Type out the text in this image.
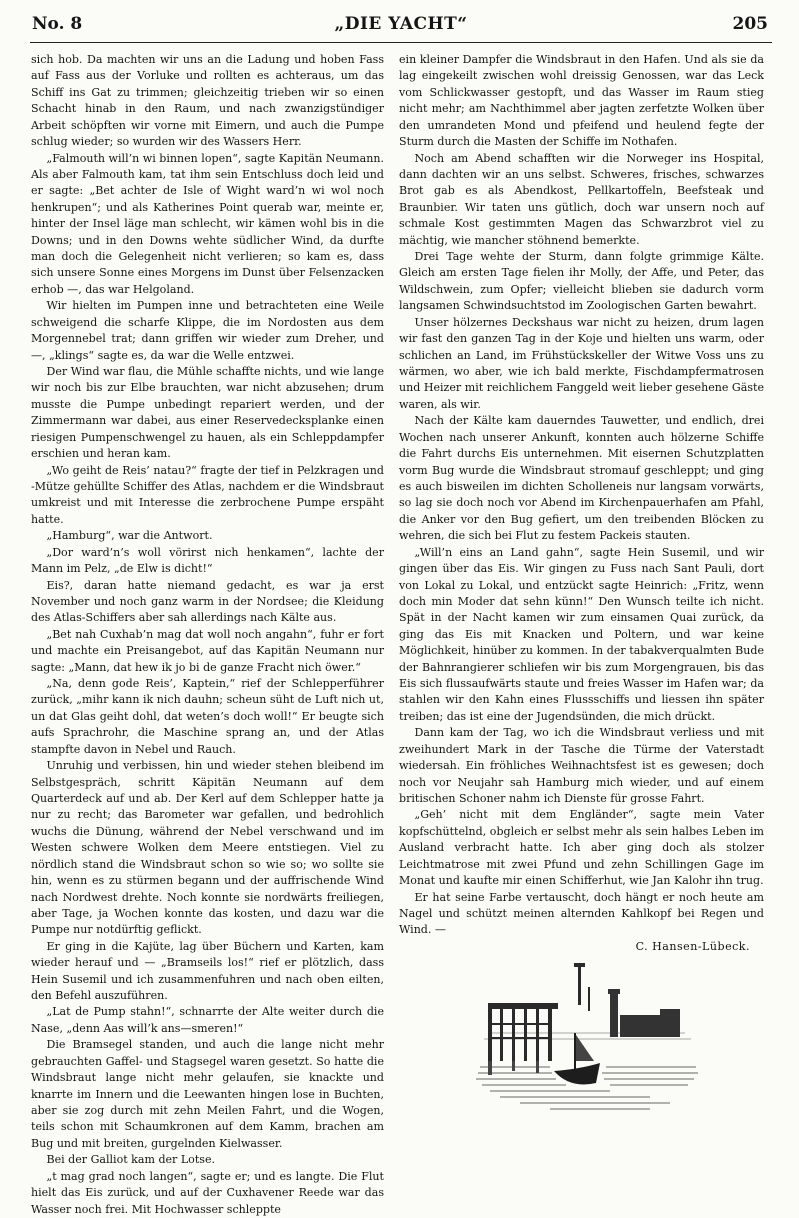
No. 8	„DIE YACHT“	205

sich hob. Da machten wir uns an die Ladung und hoben Fass auf Fass aus der Vorluke und rollten es achteraus, um das Schiff ins Gat zu trimmen; gleichzeitig trieben wir so einen Schacht hinab in den Raum, und nach zwanzigstündiger Arbeit schöpften wir vorne mit Eimern, und auch die Pumpe schlug wieder; so wurden wir des Wassers Herr.

„Falmouth will’n wi binnen lopen“, sagte Kapitän Neumann. Als aber Falmouth kam, tat ihm sein Entschluss doch leid und er sagte: „Bet achter de Isle of Wight ward’n wi wol noch henkrupen“; und als Katherines Point querab war, meinte er, hinter der Insel läge man schlecht, wir kämen wohl bis in die Downs; und in den Downs wehte südlicher Wind, da durfte man doch die Gelegenheit nicht verlieren; so kam es, dass sich unsere Sonne eines Morgens im Dunst über Felsenzacken erhob —, das war Helgoland.

Wir hielten im Pumpen inne und betrachteten eine Weile schweigend die scharfe Klippe, die im Nordosten aus dem Morgennebel trat; dann griffen wir wieder zum Dreher, und —, „klings“ sagte es, da war die Welle entzwei.

Der Wind war flau, die Mühle schaffte nichts, und wie lange wir noch bis zur Elbe brauchten, war nicht abzusehen; drum musste die Pumpe unbedingt repariert werden, und der Zimmermann war dabei, aus einer Reservedecksplanke einen riesigen Pumpenschwengel zu hauen, als ein Schleppdampfer erschien und heran kam.

„Wo geiht de Reis’ natau?“ fragte der tief in Pelzkragen und -Mütze gehüllte Schiffer des Atlas, nachdem er die Windsbraut umkreist und mit Interesse die zerbrochene Pumpe erspäht hatte.

„Hamburg“, war die Antwort.

„Dor ward’n’s woll vörirst nich henkamen“, lachte der Mann im Pelz, „de Elw is dicht!“

Eis?, daran hatte niemand gedacht, es war ja erst November und noch ganz warm in der Nordsee; die Kleidung des Atlas-Schiffers aber sah allerdings nach Kälte aus.

„Bet nah Cuxhab’n mag dat woll noch angahn“, fuhr er fort und machte ein Preisangebot, auf das Kapitän Neumann nur sagte: „Mann, dat hew ik jo bi de ganze Fracht nich öwer.“

„Na, denn gode Reis’, Kaptein,“ rief der Schlepperführer zurück, „mihr kann ik nich dauhn; scheun süht de Luft nich ut, un dat Glas geiht dohl, dat weten’s doch woll!“ Er beugte sich aufs Sprachrohr, die Maschine sprang an, und der Atlas stampfte davon in Nebel und Rauch.

Unruhig und verbissen, hin und wieder stehen bleibend im Selbstgespräch, schritt Käpitän Neumann auf dem Quarterdeck auf und ab. Der Kerl auf dem Schlepper hatte ja nur zu recht; das Barometer war gefallen, und bedrohlich wuchs die Dünung, während der Nebel verschwand und im Westen schwere Wolken dem Meere entstiegen. Viel zu nördlich stand die Windsbraut schon so wie so; wo sollte sie hin, wenn es zu stürmen begann und der auffrischende Wind nach Nordwest drehte. Noch konnte sie nordwärts freiliegen, aber Tage, ja Wochen konnte das kosten, und dazu war die Pumpe nur notdürftig geflickt.

Er ging in die Kajüte, lag über Büchern und Karten, kam wieder herauf und — „Bramseils los!“ rief er plötzlich, dass Hein Susemil und ich zusammenfuhren und nach oben eilten, den Befehl auszuführen.

„Lat de Pump stahn!“, schnarrte der Alte weiter durch die Nase, „denn Aas will’k ans—smeren!“

Die Bramsegel standen, und auch die lange nicht mehr gebrauchten Gaffel- und Stagsegel waren gesetzt. So hatte die Windsbraut lange nicht mehr gelaufen, sie knackte und knarrte im Innern und die Leewanten hingen lose in Buchten, aber sie zog durch mit zehn Meilen Fahrt, und die Wogen, teils schon mit Schaumkronen auf dem Kamm, brachen am Bug und mit breiten, gurgelnden Kielwasser.

Bei der Galliot kam der Lotse.

„t mag grad noch langen“, sagte er; und es langte. Die Flut hielt das Eis zurück, und auf der Cuxhavener Reede war das Wasser noch frei. Mit Hochwasser schleppte

ein kleiner Dampfer die Windsbraut in den Hafen. Und als sie da lag eingekeilt zwischen wohl dreissig Genossen, war das Leck vom Schlickwasser gestopft, und das Wasser im Raum stieg nicht mehr; am Nachthimmel aber jagten zerfetzte Wolken über den umrandeten Mond und pfeifend und heulend fegte der Sturm durch die Masten der Schiffe im Nothafen.

Noch am Abend schafften wir die Norweger ins Hospital, dann dachten wir an uns selbst. Schweres, frisches, schwarzes Brot gab es als Abendkost, Pellkartoffeln, Beefsteak und Braunbier. Wir taten uns gütlich, doch war unsern noch auf schmale Kost gestimmten Magen das Schwarzbrot viel zu mächtig, wie mancher stöhnend bemerkte.

Drei Tage wehte der Sturm, dann folgte grimmige Kälte. Gleich am ersten Tage fielen ihr Molly, der Affe, und Peter, das Wildschwein, zum Opfer; vielleicht blieben sie dadurch vorm langsamen Schwindsuchtstod im Zoologischen Garten bewahrt.

Unser hölzernes Deckshaus war nicht zu heizen, drum lagen wir fast den ganzen Tag in der Koje und hielten uns warm, oder schlichen an Land, im Frühstückskeller der Witwe Voss uns zu wärmen, wo aber, wie ich bald merkte, Fischdampfermatrosen und Heizer mit reichlichem Fanggeld weit lieber gesehene Gäste waren, als wir.

Nach der Kälte kam dauerndes Tauwetter, und endlich, drei Wochen nach unserer Ankunft, konnten auch hölzerne Schiffe die Fahrt durchs Eis unternehmen. Mit eisernen Schutzplatten vorm Bug wurde die Windsbraut stromauf geschleppt; und ging es auch bisweilen im dichten Schollenеis nur langsam vorwärts, so lag sie doch noch vor Abend im Kirchenpauerhafen am Pfahl, die Anker vor den Bug gefiert, um den treibenden Blöcken zu wehren, die sich bei Flut zu festem Packeis stauten.

„Will’n eins an Land gahn“, sagte Hein Susemil, und wir gingen über das Eis. Wir gingen zu Fuss nach Sant Pauli, dort von Lokal zu Lokal, und entzückt sagte Heinrich: „Fritz, wenn doch min Moder dat sehn künn!“ Den Wunsch teilte ich nicht. Spät in der Nacht kamen wir zum einsamen Quai zurück, da ging das Eis mit Knacken und Poltern, und war keine Möglichkeit, hinüber zu kommen. In der tabakverqualmten Bude der Bahnrangierer schliefen wir bis zum Morgengrauen, bis das Eis sich flussaufwärts staute und freies Wasser im Hafen war; da stahlen wir den Kahn eines Flussschiffs und liessen ihn später treiben; das ist eine der Jugendsünden, die mich drückt.

Dann kam der Tag, wo ich die Windsbraut verliess und mit zweihundert Mark in der Tasche die Türme der Vaterstadt wiedersah. Ein fröhliches Weihnachtsfest ist es gewesen; doch noch vor Neujahr sah Hamburg mich wieder, und auf einem britischen Schoner nahm ich Dienste für grosse Fahrt.

„Geh’ nicht mit dem Engländer“, sagte mein Vater kopfschüttelnd, obgleich er selbst mehr als sein halbes Leben im Ausland verbracht hatte. Ich aber ging doch als stolzer Leichtmatrose mit zwei Pfund und zehn Schillingen Gage im Monat und kaufte mir einen Schifferhut, wie Jan Kalohr ihn trug.

Er hat seine Farbe vertauscht, doch hängt er noch heute am Nagel und schützt meinen alternden Kahlkopf bei Regen und Wind. —

C. Hansen-Lübeck.
